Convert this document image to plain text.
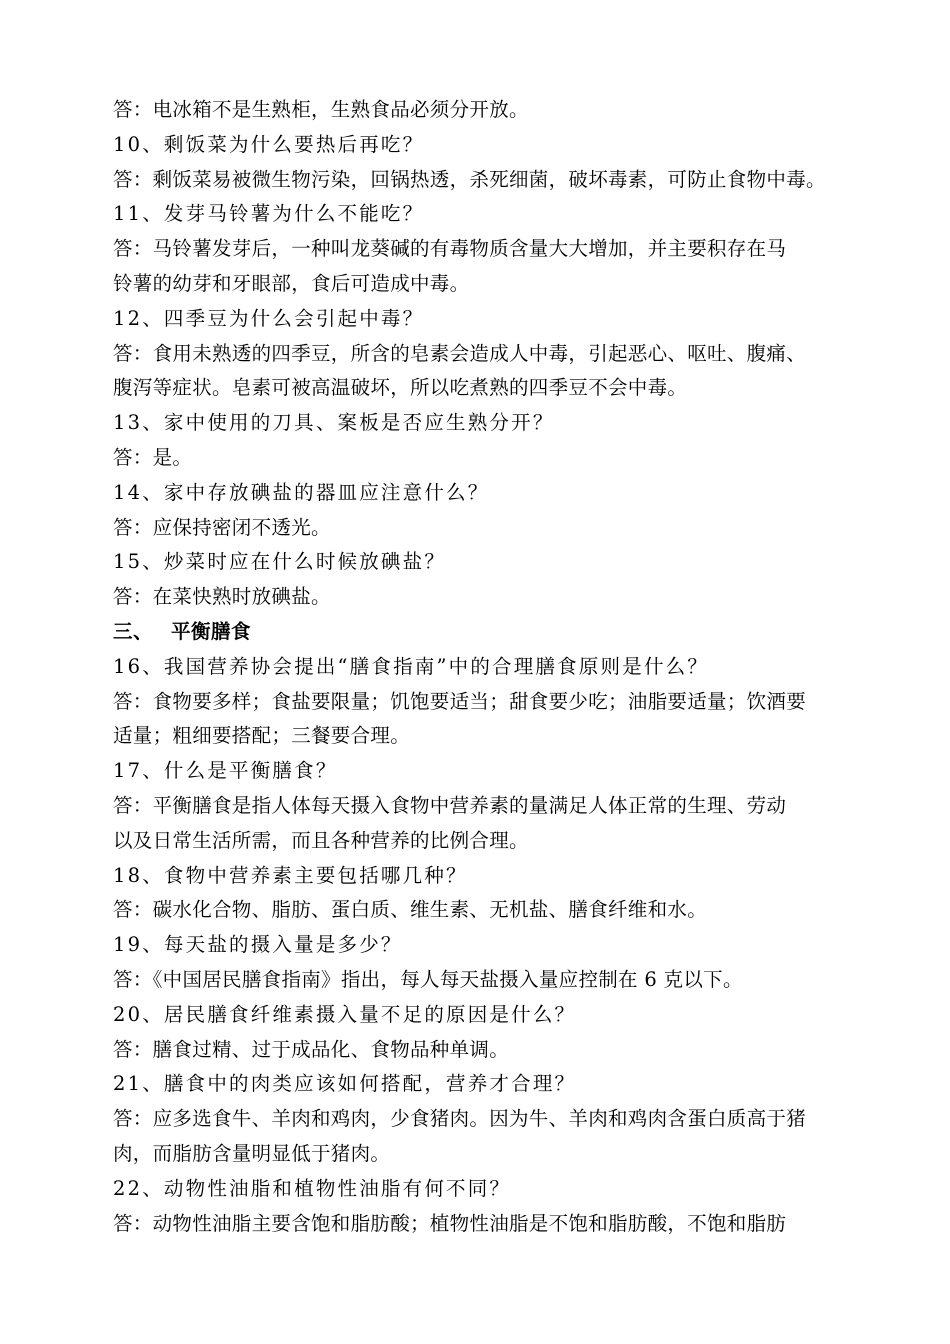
答：电冰箱不是生熟柜，生熟食品必须分开放。
10、剩饭菜为什么要热后再吃？
答：剩饭菜易被微生物污染，回锅热透，杀死细菌，破坏毒素，可防止食物中毒。
11、发芽马铃薯为什么不能吃？
答：马铃薯发芽后，一种叫龙葵碱的有毒物质含量大大增加，并主要积存在马
铃薯的幼芽和牙眼部，食后可造成中毒。
12、四季豆为什么会引起中毒？
答：食用未熟透的四季豆，所含的皂素会造成人中毒，引起恶心、呕吐、腹痛、
腹泻等症状。皂素可被高温破坏，所以吃煮熟的四季豆不会中毒。
13、家中使用的刀具、案板是否应生熟分开？
答：是。
14、家中存放碘盐的器皿应注意什么？
答：应保持密闭不透光。
15、炒菜时应在什么时候放碘盐？
答：在菜快熟时放碘盐。
三、 平衡膳食
16、我国营养协会提出“膳食指南”中的合理膳食原则是什么？
答：食物要多样；食盐要限量；饥饱要适当；甜食要少吃；油脂要适量；饮酒要
适量；粗细要搭配；三餐要合理。
17、什么是平衡膳食？
答：平衡膳食是指人体每天摄入食物中营养素的量满足人体正常的生理、劳动
以及日常生活所需，而且各种营养的比例合理。
18、食物中营养素主要包括哪几种？
答：碳水化合物、脂肪、蛋白质、维生素、无机盐、膳食纤维和水。
19、每天盐的摄入量是多少？
答：《中国居民膳食指南》指出，每人每天盐摄入量应控制在 6 克以下。
20、居民膳食纤维素摄入量不足的原因是什么？
答：膳食过精、过于成品化、食物品种单调。
21、膳食中的肉类应该如何搭配，营养才合理？
答：应多选食牛、羊肉和鸡肉，少食猪肉。因为牛、羊肉和鸡肉含蛋白质高于猪
肉，而脂肪含量明显低于猪肉。
22、动物性油脂和植物性油脂有何不同？
答：动物性油脂主要含饱和脂肪酸；植物性油脂是不饱和脂肪酸，不饱和脂肪
